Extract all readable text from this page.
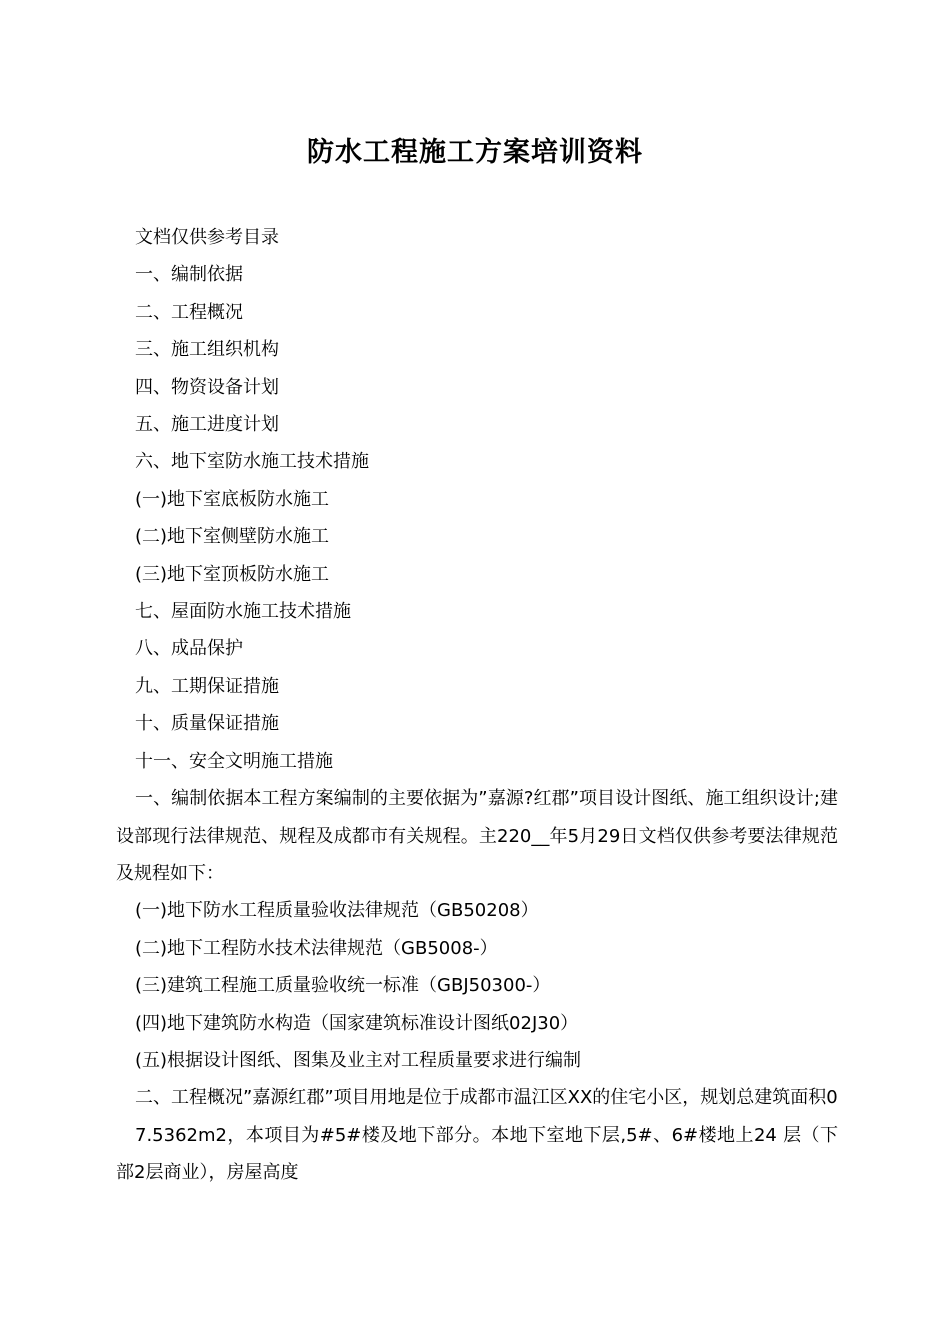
防水工程施工方案培训资料

文档仅供参考目录

一、编制依据

二、工程概况

三、施工组织机构

四、物资设备计划

五、施工进度计划

六、地下室防水施工技术措施

(一)地下室底板防水施工

(二)地下室侧壁防水施工

(三)地下室顶板防水施工

七、屋面防水施工技术措施

八、成品保护

九、工期保证措施

十、质量保证措施

十一、安全文明施工措施

一、编制依据本工程方案编制的主要依据为”嘉源?红郡”项目设计图纸、施工组织设计;建设部现行法律规范、规程及成都市有关规程。主220__年5月29日文档仅供参考要法律规范及规程如下：

(一)地下防水工程质量验收法律规范（GB50208）

(二)地下工程防水技术法律规范（GB5008-）

(三)建筑工程施工质量验收统一标准（GBJ50300-）

(四)地下建筑防水构造（国家建筑标准设计图纸02J30）

(五)根据设计图纸、图集及业主对工程质量要求进行编制

二、工程概况”嘉源红郡”项目用地是位于成都市温江区XX的住宅小区，规划总建筑面积0

7.5362m2，本项目为#5#楼及地下部分。本地下室地下层,5#、6#楼地上24 层（下部2层商业），房屋高度
